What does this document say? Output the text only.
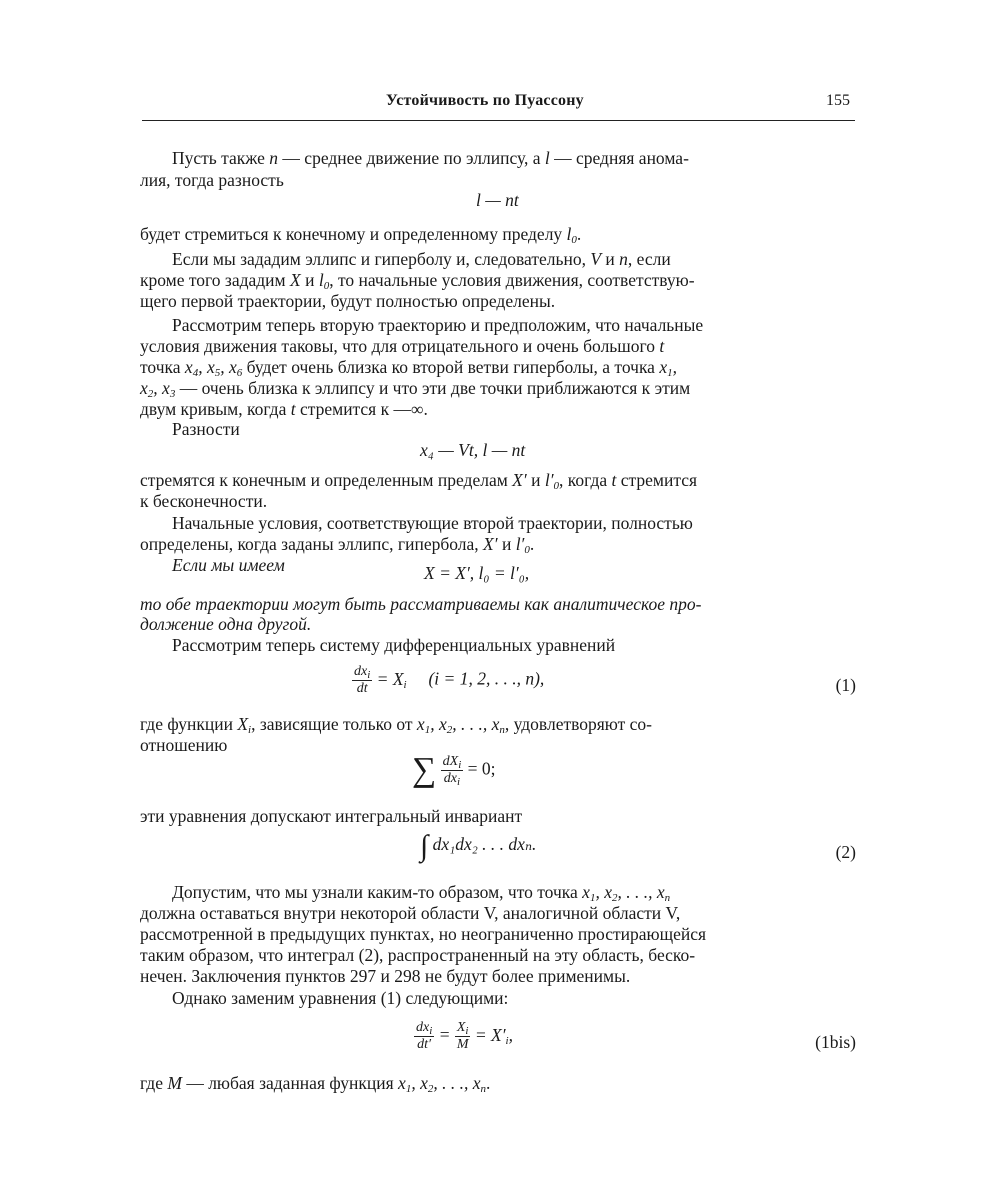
Устойчивость по Пуассону	155
Пусть также n — среднее движение по эллипсу, а l — средняя анома-
лия, тогда разность
l — nt
будет стремиться к конечному и определенному пределу $l_0$.
Если мы зададим эллипс и гиперболу и, следовательно, V и n, если
кроме того зададим X и $l_0$, то начальные условия движения, соответствую-
щего первой траектории, будут полностью определены.
Рассмотрим теперь вторую траекторию и предположим, что начальные
условия движения таковы, что для отрицательного и очень большого t
точка $x_4$, $x_5$, $x_6$ будет очень близка ко второй ветви гиперболы, а точка $x_1$,
$x_2$, $x_3$ — очень близка к эллипсу и что эти две точки приближаются к этим
двум кривым, когда t стремится к —∞.
Разности
x₄ — Vt, l — nt
стремятся к конечным и определенным пределам X′ и $l'_0$, когда t стремится
к бесконечности.
Начальные условия, соответствующие второй траектории, полностью
определены, когда заданы эллипс, гипербола, X′ и $l'_0$.
Если мы имеем	X = X′, l₀ = l′₀,
то обе траектории могут быть рассматриваемы как аналитическое про-
должение одна другой.
Рассмотрим теперь систему дифференциальных уравнений
$\frac{dx_i}{dt} = X_i$ (i = 1, 2, . . ., n),	(1)
где функции $X_i$, зависящие только от $x_1$, $x_2$, . . ., $x_n$, удовлетворяют со-
отношению
∑ $\frac{dX_i}{dx_i} = 0$;
эти уравнения допускают интегральный инвариант
∫ dx₁dx₂ . . . dxₙ.	(2)
Допустим, что мы узнали каким-то образом, что точка $x_1$, $x_2$, . . ., $x_n$
должна оставаться внутри некоторой области V, аналогичной области V,
рассмотренной в предыдущих пунктах, но неограниченно простирающейся
таким образом, что интеграл (2), распространенный на эту область, беско-
нечен. Заключения пунктов 297 и 298 не будут более применимы.
Однако заменим уравнения (1) следующими:
$\frac{dx_i}{dt'} = \frac{X_i}{M} = X'_i$,	(1bis)
где M — любая заданная функция $x_1$, $x_2$, . . ., $x_n$.
